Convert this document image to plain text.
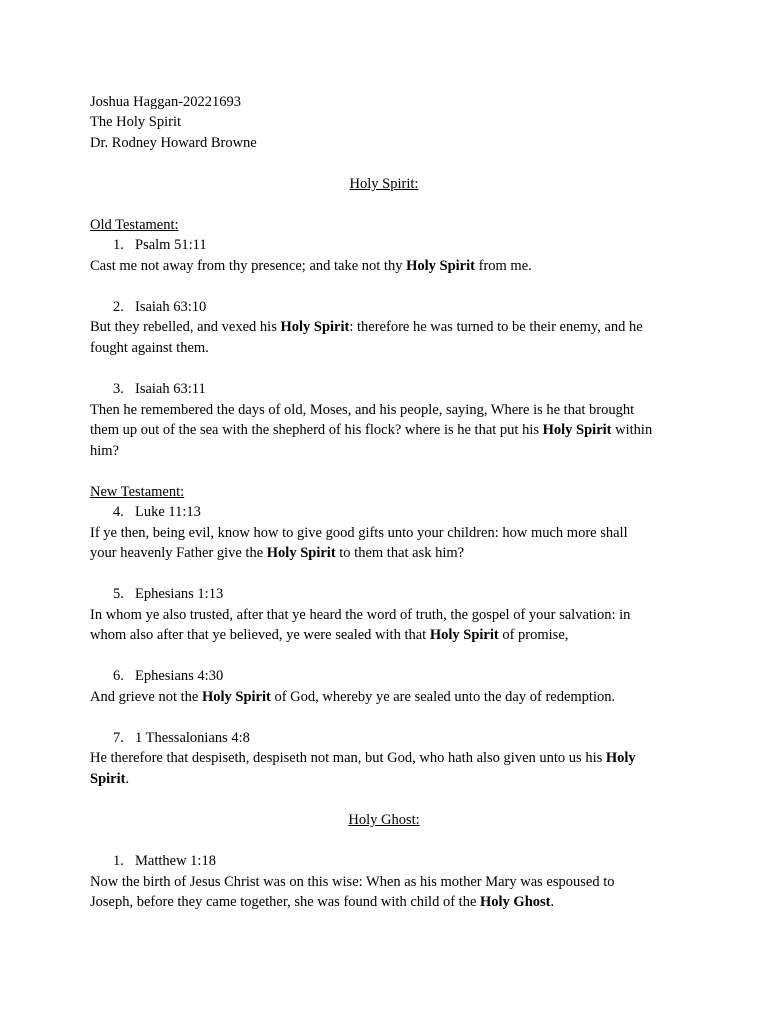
Joshua Haggan-20221693
The Holy Spirit
Dr. Rodney Howard Browne
Holy Spirit:
Old Testament:
1. Psalm 51:11
Cast me not away from thy presence; and take not thy Holy Spirit from me.
2. Isaiah 63:10
But they rebelled, and vexed his Holy Spirit: therefore he was turned to be their enemy, and he
fought against them.
3. Isaiah 63:11
Then he remembered the days of old, Moses, and his people, saying, Where is he that brought
them up out of the sea with the shepherd of his flock? where is he that put his Holy Spirit within
him?
New Testament:
4. Luke 11:13
If ye then, being evil, know how to give good gifts unto your children: how much more shall
your heavenly Father give the Holy Spirit to them that ask him?
5. Ephesians 1:13
In whom ye also trusted, after that ye heard the word of truth, the gospel of your salvation: in
whom also after that ye believed, ye were sealed with that Holy Spirit of promise,
6. Ephesians 4:30
And grieve not the Holy Spirit of God, whereby ye are sealed unto the day of redemption.
7. 1 Thessalonians 4:8
He therefore that despiseth, despiseth not man, but God, who hath also given unto us his Holy
Spirit.
Holy Ghost:
1. Matthew 1:18
Now the birth of Jesus Christ was on this wise: When as his mother Mary was espoused to
Joseph, before they came together, she was found with child of the Holy Ghost.
